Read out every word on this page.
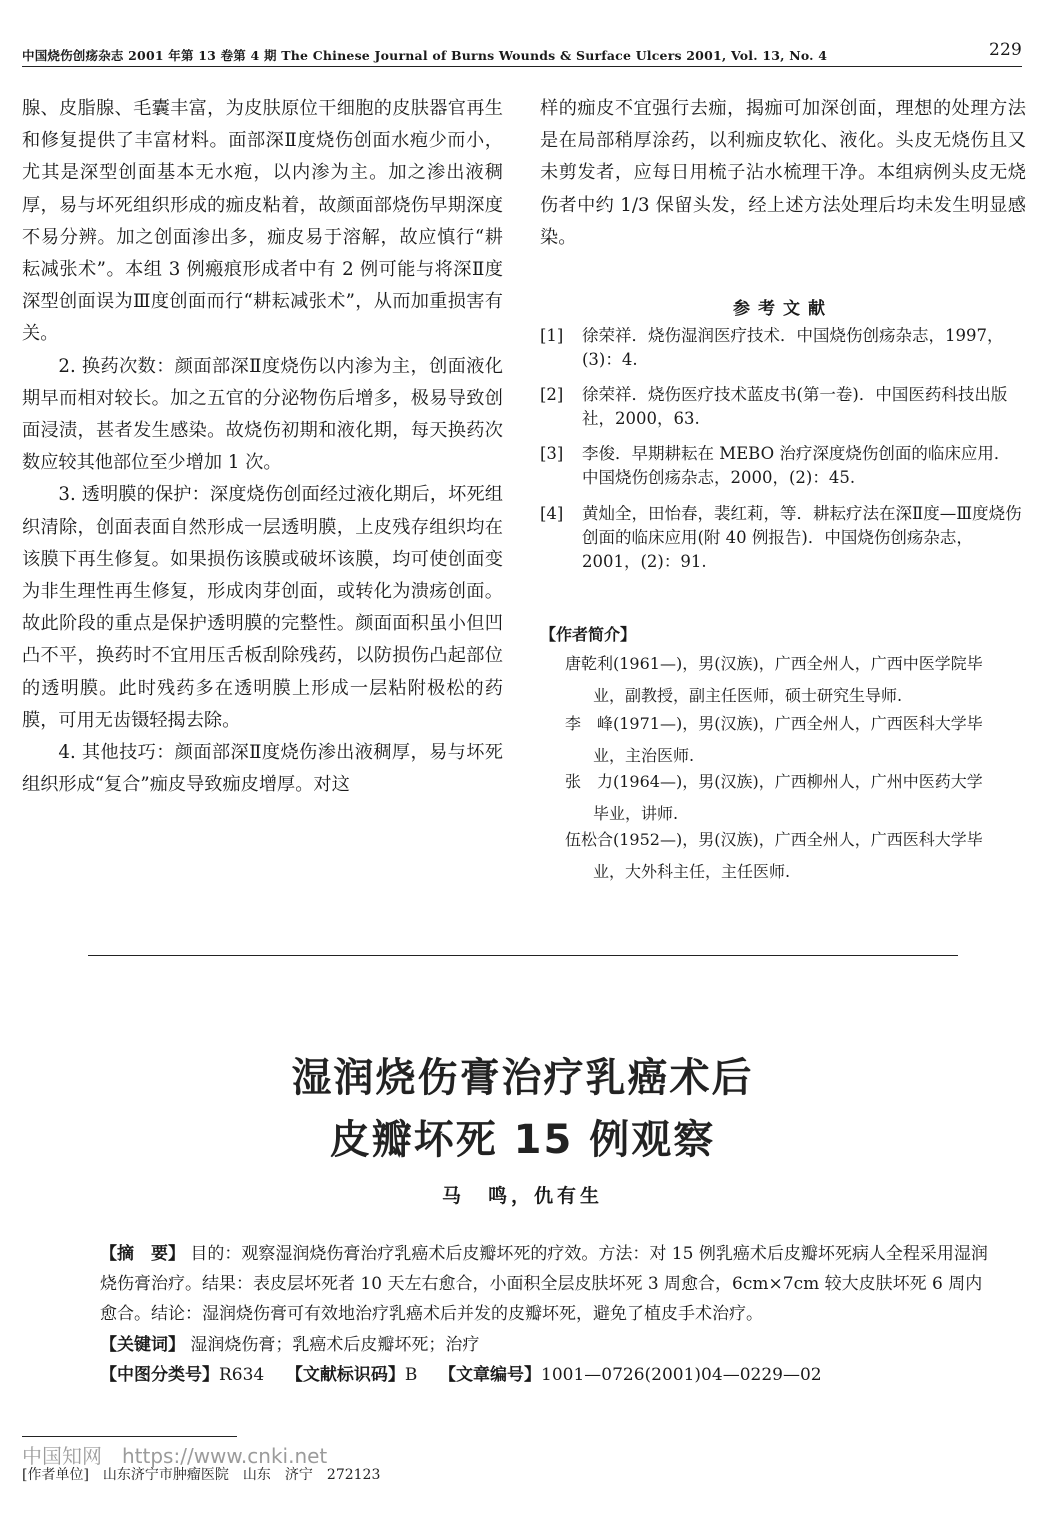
中国烧伤创疡杂志 2001 年第 13 卷第 4 期 The Chinese Journal of Burns Wounds & Surface Ulcers 2001, Vol. 13, No. 4	229

腺、皮脂腺、毛囊丰富，为皮肤原位干细胞的皮肤器官再生和修复提供了丰富材料。面部深Ⅱ度烧伤创面水疱少而小，尤其是深型创面基本无水疱，以内渗为主。加之渗出液稠厚，易与坏死组织形成的痂皮粘着，故颜面部烧伤早期深度不易分辨。加之创面渗出多，痂皮易于溶解，故应慎行“耕耘减张术”。本组 3 例瘢痕形成者中有 2 例可能与将深Ⅱ度深型创面误为Ⅲ度创面而行“耕耘减张术”，从而加重损害有关。

2. 换药次数：颜面部深Ⅱ度烧伤以内渗为主，创面液化期早而相对较长。加之五官的分泌物伤后增多，极易导致创面浸渍，甚者发生感染。故烧伤初期和液化期，每天换药次数应较其他部位至少增加 1 次。

3. 透明膜的保护：深度烧伤创面经过液化期后，坏死组织清除，创面表面自然形成一层透明膜，上皮残存组织均在该膜下再生修复。如果损伤该膜或破坏该膜，均可使创面变为非生理性再生修复，形成肉芽创面，或转化为溃疡创面。故此阶段的重点是保护透明膜的完整性。颜面面积虽小但凹凸不平，换药时不宜用压舌板刮除残药，以防损伤凸起部位的透明膜。此时残药多在透明膜上形成一层粘附极松的药膜，可用无齿镊轻揭去除。

4. 其他技巧：颜面部深Ⅱ度烧伤渗出液稠厚，易与坏死组织形成“复合”痂皮导致痂皮增厚。对这

样的痂皮不宜强行去痂，揭痂可加深创面，理想的处理方法是在局部稍厚涂药，以利痂皮软化、液化。头皮无烧伤且又未剪发者，应每日用梳子沾水梳理干净。本组病例头皮无烧伤者中约 1/3 保留头发，经上述方法处理后均未发生明显感染。

参考文献
[1] 徐荣祥．烧伤湿润医疗技术．中国烧伤创疡杂志，1997，(3)：4.
[2] 徐荣祥．烧伤医疗技术蓝皮书(第一卷)．中国医药科技出版社，2000，63.
[3] 李俊．早期耕耘在 MEBO 治疗深度烧伤创面的临床应用．中国烧伤创疡杂志，2000，(2)：45.
[4] 黄灿全，田怡春，裴红莉，等．耕耘疗法在深Ⅱ度—Ⅲ度烧伤创面的临床应用(附 40 例报告)．中国烧伤创疡杂志，2001，(2)：91.
【作者简介】
唐乾利(1961—)，男(汉族)，广西全州人，广西中医学院毕
业，副教授，副主任医师，硕士研究生导师.
李　峰(1971—)，男(汉族)，广西全州人，广西医科大学毕
业，主治医师.
张　力(1964—)，男(汉族)，广西柳州人，广州中医药大学
毕业，讲师.
伍松合(1952—)，男(汉族)，广西全州人，广西医科大学毕
业，大外科主任，主任医师.
湿润烧伤膏治疗乳癌术后
皮瓣坏死 15 例观察
马　鸣，仇有生
【摘　要】 目的：观察湿润烧伤膏治疗乳癌术后皮瓣坏死的疗效。方法：对 15 例乳癌术后皮瓣坏死病人全程采用湿润烧伤膏治疗。结果：表皮层坏死者 10 天左右愈合，小面积全层皮肤坏死 3 周愈合，6cm×7cm 较大皮肤坏死 6 周内愈合。结论：湿润烧伤膏可有效地治疗乳癌术后并发的皮瓣坏死，避免了植皮手术治疗。
【关键词】 湿润烧伤膏；乳癌术后皮瓣坏死；治疗
【中图分类号】R634 【文献标识码】B 【文章编号】1001—0726(2001)04—0229—02
中国知网　https://www.cnki.net
[作者单位]　山东济宁市肿瘤医院　山东　济宁　272123
